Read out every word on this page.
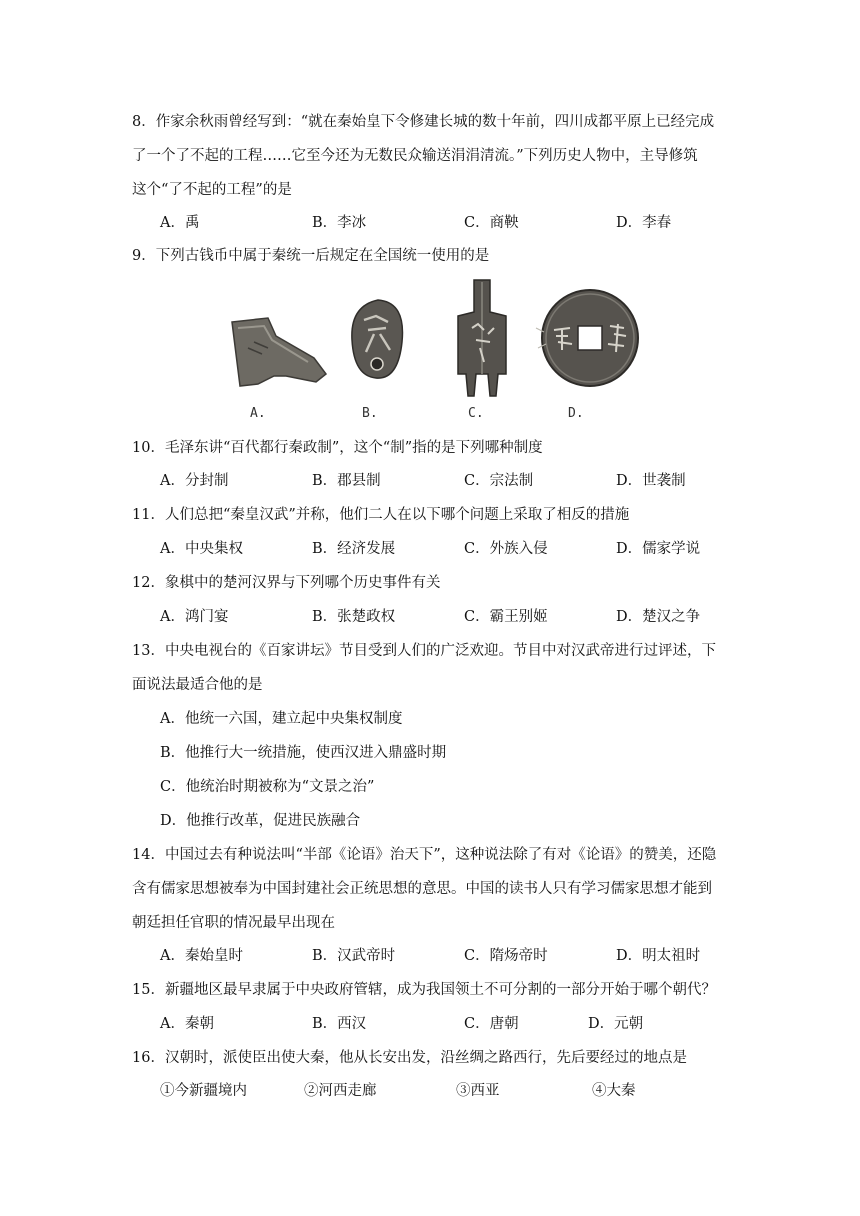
8．作家余秋雨曾经写到：“就在秦始皇下令修建长城的数十年前，四川成都平原上已经完成
了一个了不起的工程……它至今还为无数民众输送涓涓清流。”下列历史人物中，主导修筑
这个“了不起的工程”的是
A．禹	B．李冰	C．商鞅	D．李春
9．下列古钱币中属于秦统一后规定在全国统一使用的是
A.	B.	C.	D.
10．毛泽东讲“百代都行秦政制”，这个“制”指的是下列哪种制度
A．分封制	B．郡县制	C．宗法制	D．世袭制
11．人们总把“秦皇汉武”并称，他们二人在以下哪个问题上采取了相反的措施
A．中央集权	B．经济发展	C．外族入侵	D．儒家学说
12．象棋中的楚河汉界与下列哪个历史事件有关
A．鸿门宴	B．张楚政权	C．霸王别姬	D．楚汉之争
13．中央电视台的《百家讲坛》节目受到人们的广泛欢迎。节目中对汉武帝进行过评述，下
面说法最适合他的是
A．他统一六国，建立起中央集权制度
B．他推行大一统措施，使西汉进入鼎盛时期
C．他统治时期被称为“文景之治”
D．他推行改革，促进民族融合
14．中国过去有种说法叫“半部《论语》治天下”，这种说法除了有对《论语》的赞美，还隐
含有儒家思想被奉为中国封建社会正统思想的意思。中国的读书人只有学习儒家思想才能到
朝廷担任官职的情况最早出现在
A．秦始皇时	B．汉武帝时	C．隋炀帝时	D．明太祖时
15．新疆地区最早隶属于中央政府管辖，成为我国领土不可分割的一部分开始于哪个朝代？
A．秦朝	B．西汉	C．唐朝	D．元朝
16．汉朝时，派使臣出使大秦，他从长安出发，沿丝绸之路西行，先后要经过的地点是
①今新疆境内	②河西走廊	③西亚	④大秦
